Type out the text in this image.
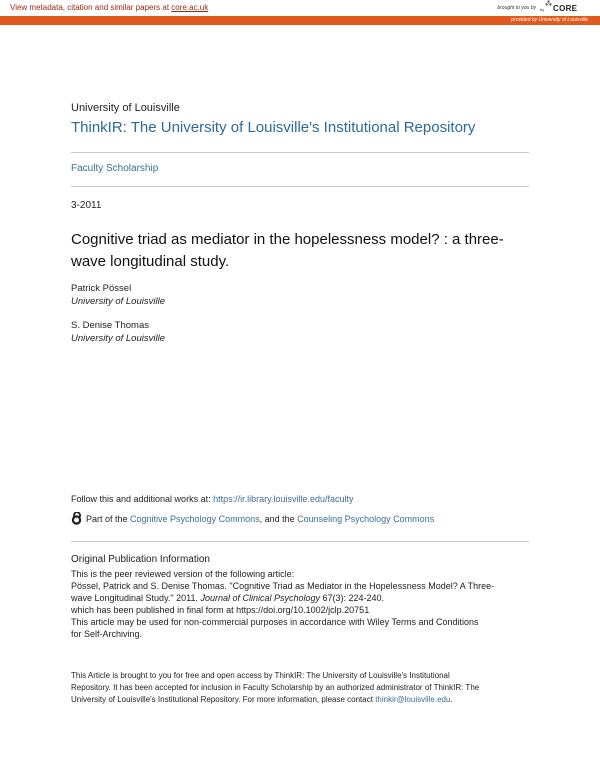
View metadata, citation and similar papers at core.ac.uk	brought to you by by
⁂ CORE
provided by University of Louisville
University of Louisville
ThinkIR: The University of Louisville's Institutional Repository
Faculty Scholarship
3-2011
Cognitive triad as mediator in the hopelessness model? : a three-wave longitudinal study.
Patrick Pössel
University of Louisville
S. Denise Thomas
University of Louisville
Follow this and additional works at: https://ir.library.louisville.edu/faculty
Part of the Cognitive Psychology Commons, and the Counseling Psychology Commons
Original Publication Information
This is the peer reviewed version of the following article:
Pössel, Patrick and S. Denise Thomas. "Cognitive Triad as Mediator in the Hopelessness Model? A Three-
wave Longitudinal Study." 2011. Journal of Clinical Psychology 67(3): 224-240.
which has been published in final form at https://doi.org/10.1002/jclp.20751
This article may be used for non-commercial purposes in accordance with Wiley Terms and Conditions
for Self-Archiving.
This Article is brought to you for free and open access by ThinkIR: The University of Louisville's Institutional
Repository. It has been accepted for inclusion in Faculty Scholarship by an authorized administrator of ThinkIR: The
University of Louisville's Institutional Repository. For more information, please contact thinkir@louisville.edu.
